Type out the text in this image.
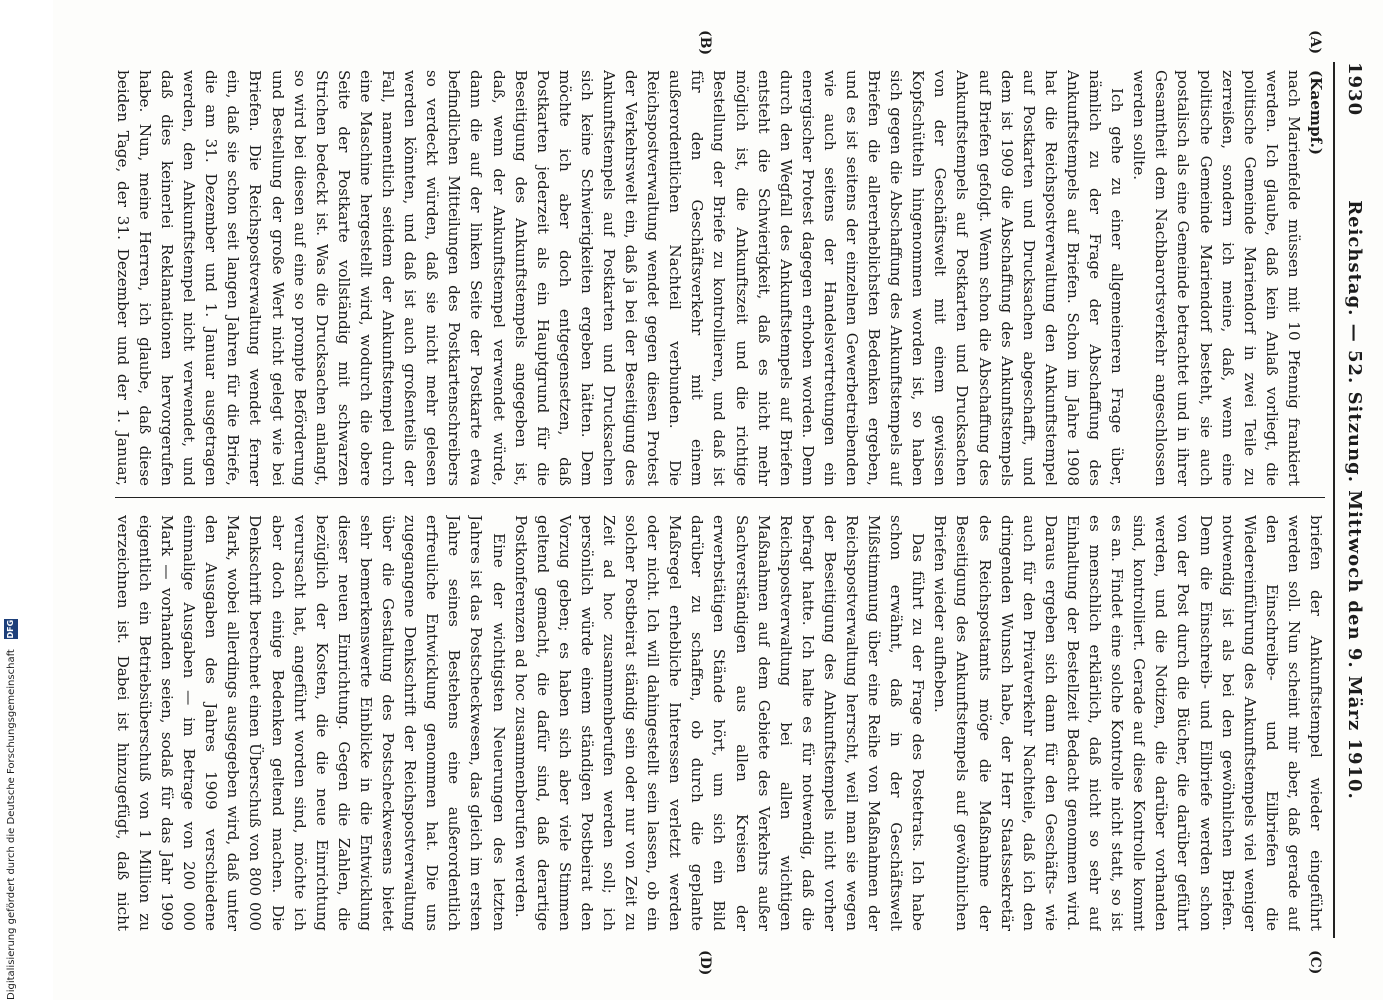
1930
Reichstag. — 52. Sitzung. Mittwoch den 9. März 1910.
(A)
(B)
(C)
(D)

(Kaempf.)

nach Marienfelde müssen mit 10 Pfennig frankiert werden. Ich glaube, daß kein Anlaß vorliegt, die politische Gemeinde Mariendorf in zwei Teile zu zerreißen, sondern ich meine, daß, wenn eine politische Gemeinde Mariendorf besteht, sie auch postalisch als eine Gemeinde betrachtet und in ihrer Gesamtheit dem Nachbarortsverkehr angeschlossen werden sollte.

Ich gehe zu einer allgemeineren Frage über, nämlich zu der Frage der Abschaffung des Ankunftstempels auf Briefen. Schon im Jahre 1908 hat die Reichspostverwaltung den Ankunftstempel auf Postkarten und Drucksachen abgeschafft, und dem ist 1909 die Abschaffung des Ankunftstempels auf Briefen gefolgt. Wenn schon die Abschaffung des Ankunftstempels auf Postkarten und Drucksachen von der Geschäftswelt mit einem gewissen Kopfschütteln hingenommen worden ist, so haben sich gegen die Abschaffung des Ankunftstempels auf Briefen die allererheblichsten Bedenken ergeben, und es ist seitens der einzelnen Gewerbetreibenden wie auch seitens der Handelsvertretungen ein energischer Protest dagegen erhoben worden. Denn durch den Wegfall des Ankunftstempels auf Briefen entsteht die Schwierigkeit, daß es nicht mehr möglich ist, die Ankunftszeit und die richtige Bestellung der Briefe zu kontrollieren, und daß ist für den Geschäftsverkehr mit einem außerordentlichen Nachteil verbunden. Die Reichspostverwaltung wendet gegen diesen Protest der Verkehrswelt ein, daß ja bei der Beseitigung des Ankunftstempels auf Postkarten und Drucksachen sich keine Schwierigkeiten ergeben hätten. Dem möchte ich aber doch entgegensetzen, daß Postkarten jederzeit als ein Hauptgrund für die Beseitigung des Ankunftstempels angegeben ist, daß, wenn der Ankunftstempel verwendet würde, dann die auf der linken Seite der Postkarte etwa befindlichen Mitteilungen des Postkartenschreibers so verdeckt würden, daß sie nicht mehr gelesen werden könnten, und daß ist auch großenteils der Fall, namentlich seitdem der Ankunftstempel durch eine Maschine hergestellt wird, wodurch die obere Seite der Postkarte vollständig mit schwarzen Strichen bedeckt ist. Was die Drucksachen anlangt, so wird bei diesen auf eine so prompte Beförderung und Bestellung der große Wert nicht gelegt wie bei Briefen. Die Reichspostverwaltung wendet ferner ein, daß sie schon seit langen Jahren für die Briefe, die am 31. Dezember und 1. Januar ausgetragen werden, den Ankunftstempel nicht verwendet, und daß dies keinerlei Reklamationen hervorgerufen habe. Nun, meine Herren, ich glaube, daß diese beiden Tage, der 31. Dezember und der 1. Januar,

briefen der Ankunftstempel wieder eingeführt werden soll. Nun scheint mir aber, daß gerade auf den Einschreibe- und Eilbriefen die Wiedereinführung des Ankunftstempels viel weniger notwendig ist als bei den gewöhnlichen Briefen. Denn die Einschreib- und Eilbriefe werden schon von der Post durch die Bücher, die darüber geführt werden, und die Notizen, die darüber vorhanden sind, kontrolliert. Gerade auf diese Kontrolle kommt es an. Findet eine solche Kontrolle nicht statt, so ist es menschlich erklärlich, daß nicht so sehr auf Einhaltung der Bestellzeit Bedacht genommen wird. Daraus ergeben sich dann für den Geschäfts- wie auch für den Privatverkehr Nachteile, daß ich den dringenden Wunsch habe, der Herr Staatssekretär des Reichspostamts möge die Maßnahme der Beseitigung des Ankunftstempels auf gewöhnlichen Briefen wieder aufheben.

Das führt zu der Frage des Postetrats. Ich habe schon erwähnt, daß in der Geschäftswelt Mißstimmung über eine Reihe von Maßnahmen der Reichspostverwaltung herrscht, weil man sie wegen der Beseitigung des Ankunftstempels nicht vorher befragt hatte. Ich halte es für notwendig, daß die Reichspostverwaltung bei allen wichtigen Maßnahmen auf dem Gebiete des Verkehrs außer Sachverständigen aus allen Kreisen der erwerbstätigen Stände hört, um sich ein Bild darüber zu schaffen, ob durch die geplante Maßregel erhebliche Interessen verletzt werden oder nicht. Ich will dahingestellt sein lassen, ob ein solcher Postbeirat ständig sein oder nur von Zeit zu Zeit ad hoc zusammenberufen werden soll; ich persönlich würde einem ständigen Postbeirat den Vorzug geben; es haben sich aber viele Stimmen geltend gemacht, die dafür sind, daß derartige Postkonferenzen ad hoc zusammenberufen werden.

Eine der wichtigsten Neuerungen des letzten Jahres ist das Postscheckwesen, das gleich im ersten Jahre seines Bestehens eine außerordentlich erfreuliche Entwicklung genommen hat. Die uns zugegangene Denkschrift der Reichspostverwaltung über die Gestaltung des Postscheckwesens bietet sehr bemerkenswerte Einblicke in die Entwicklung dieser neuen Einrichtung. Gegen die Zahlen, die bezüglich der Kosten, die die neue Einrichtung verursacht hat, angeführt worden sind, möchte ich aber doch einige Bedenken geltend machen. Die Denkschrift berechnet einen Überschuß von 800 000 Mark, wobei allerdings ausgegeben wird, daß unter den Ausgaben des Jahres 1909 verschiedene einmalige Ausgaben — im Betrage von 200 000 Mark — vorhanden seien, sodaß für das Jahr 1909 eigentlich ein Betriebsüberschuß von 1 Million zu verzeichnen ist. Dabei ist hinzugefügt, daß nicht

Digitalisierung gefördert durch die Deutsche Forschungsgemeinschaft
DFG
